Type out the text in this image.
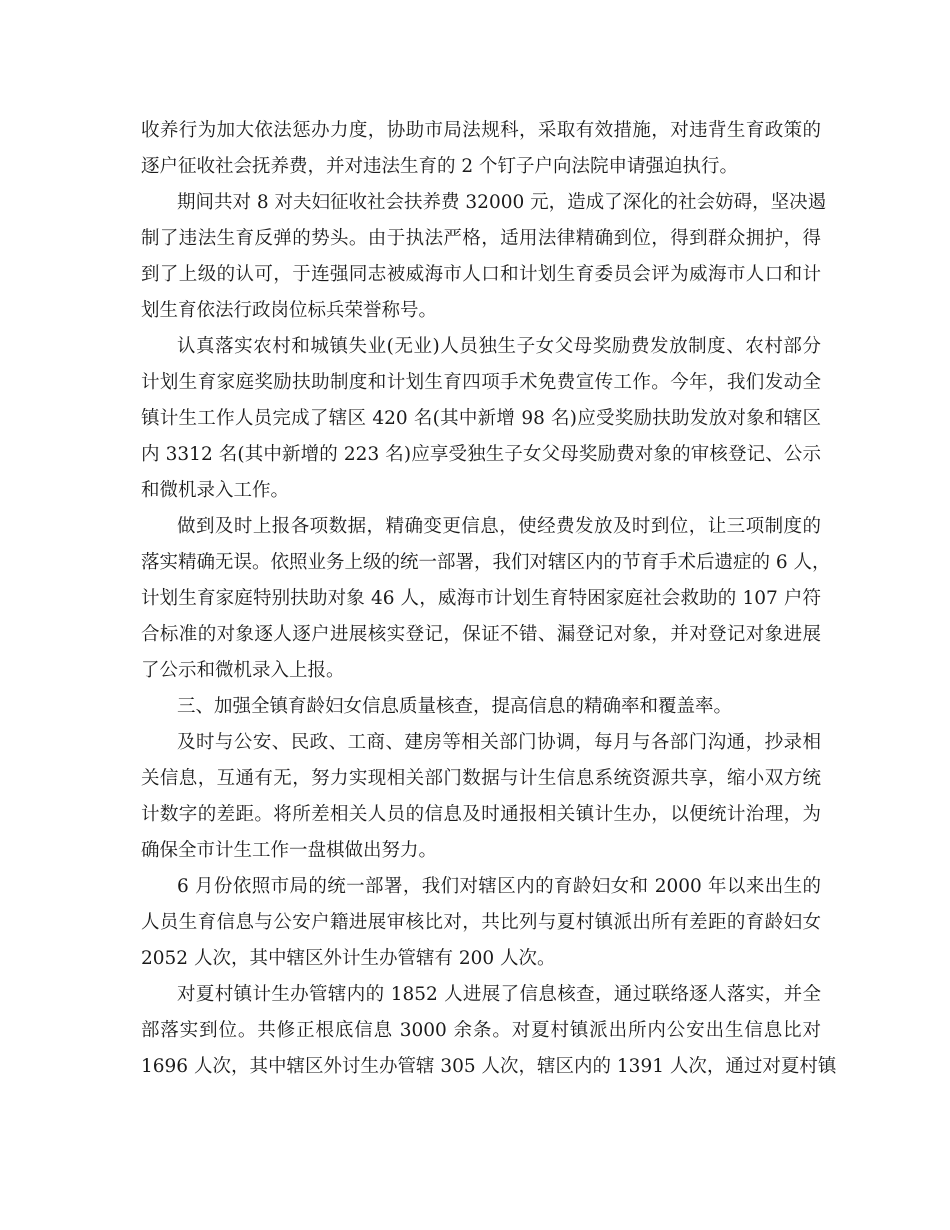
收养行为加大依法惩办力度，协助市局法规科，采取有效措施，对违背生育政策的
逐户征收社会抚养费，并对违法生育的 2 个钉子户向法院申请强迫执行。
期间共对 8 对夫妇征收社会扶养费 32000 元，造成了深化的社会妨碍，坚决遏
制了违法生育反弹的势头。由于执法严格，适用法律精确到位，得到群众拥护，得
到了上级的认可，于连强同志被威海市人口和计划生育委员会评为威海市人口和计
划生育依法行政岗位标兵荣誉称号。
认真落实农村和城镇失业(无业)人员独生子女父母奖励费发放制度、农村部分
计划生育家庭奖励扶助制度和计划生育四项手术免费宣传工作。今年，我们发动全
镇计生工作人员完成了辖区 420 名(其中新增 98 名)应受奖励扶助发放对象和辖区
内 3312 名(其中新增的 223 名)应享受独生子女父母奖励费对象的审核登记、公示
和微机录入工作。
做到及时上报各项数据，精确变更信息，使经费发放及时到位，让三项制度的
落实精确无误。依照业务上级的统一部署，我们对辖区内的节育手术后遗症的 6 人，
计划生育家庭特别扶助对象 46 人，威海市计划生育特困家庭社会救助的 107 户符
合标准的对象逐人逐户进展核实登记，保证不错、漏登记对象，并对登记对象进展
了公示和微机录入上报。
三、加强全镇育龄妇女信息质量核查，提高信息的精确率和覆盖率。
及时与公安、民政、工商、建房等相关部门协调，每月与各部门沟通，抄录相
关信息，互通有无，努力实现相关部门数据与计生信息系统资源共享，缩小双方统
计数字的差距。将所差相关人员的信息及时通报相关镇计生办，以便统计治理，为
确保全市计生工作一盘棋做出努力。
6 月份依照市局的统一部署，我们对辖区内的育龄妇女和 2000 年以来出生的
人员生育信息与公安户籍进展审核比对，共比列与夏村镇派出所有差距的育龄妇女
2052 人次，其中辖区外计生办管辖有 200 人次。
对夏村镇计生办管辖内的 1852 人进展了信息核查，通过联络逐人落实，并全
部落实到位。共修正根底信息 3000 余条。对夏村镇派出所内公安出生信息比对
1696 人次，其中辖区外讨生办管辖 305 人次，辖区内的 1391 人次，通过对夏村镇
